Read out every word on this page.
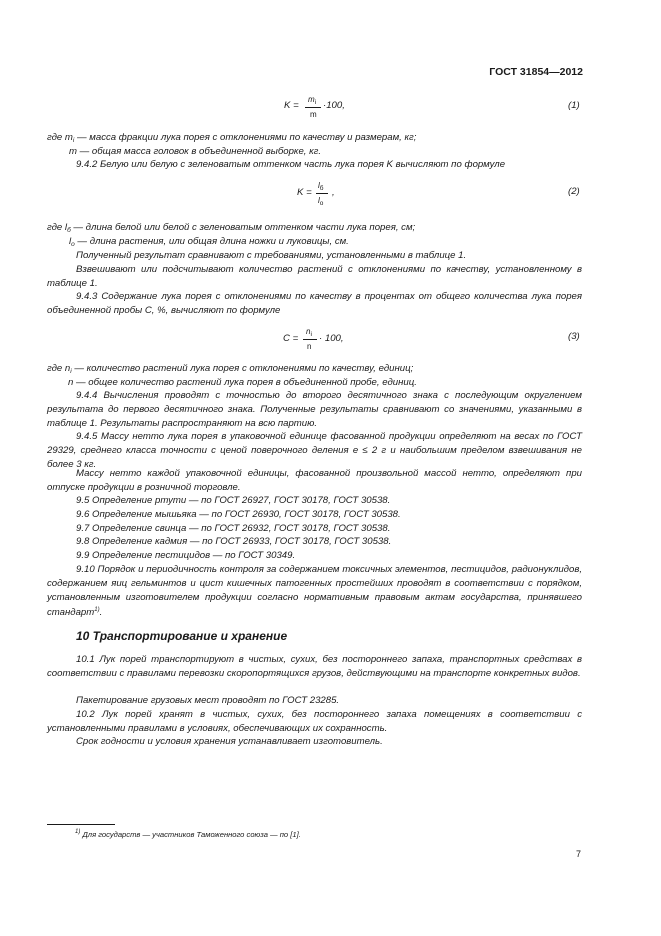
ГОСТ 31854—2012
K =
$m_i$
m
·100,	(1)
где $m_i$ — масса фракции лука порея с отклонениями по качеству и размерам, кг;
m — общая масса головок в объединенной выборке, кг.
9.4.2 Белую или белую с зеленоватым оттенком часть лука порея K вычисляют по формуле
K =
$l_б$
$l_о$
,	(2)
где $l_б$ — длина белой или белой с зеленоватым оттенком части лука порея, см;
$l_о$ — длина растения, или общая длина ножки и луковицы, см.
Полученный результат сравнивают с требованиями, установленными в таблице 1.
Взвешивают или подсчитывают количество растений с отклонениями по качеству, установленному в таблице 1.
9.4.3 Содержание лука порея с отклонениями по качеству в процентах от общего количества лука порея объединенной пробы С, %, вычисляют по формуле
C =
$n_i$
n
· 100,	(3)
где $n_i$ — количество растений лука порея с отклонениями по качеству, единиц;
n — общее количество растений лука порея в объединенной пробе, единиц.
9.4.4 Вычисления проводят с точностью до второго десятичного знака с последующим округлением результата до первого десятичного знака. Полученные результаты сравнивают со значениями, указанными в таблице 1. Результаты распространяют на всю партию.
9.4.5 Массу нетто лука порея в упаковочной единице фасованной продукции определяют на весах по ГОСТ 29329, среднего класса точности с ценой поверочного деления e ≤ 2 г и наибольшим пределом взвешивания не более 3 кг.
Массу нетто каждой упаковочной единицы, фасованной произвольной массой нетто, определяют при отпуске продукции в розничной торговле.
9.5 Определение ртути — по ГОСТ 26927, ГОСТ 30178, ГОСТ 30538.
9.6 Определение мышьяка — по ГОСТ 26930, ГОСТ 30178, ГОСТ 30538.
9.7 Определение свинца — по ГОСТ 26932, ГОСТ 30178, ГОСТ 30538.
9.8 Определение кадмия — по ГОСТ 26933, ГОСТ 30178, ГОСТ 30538.
9.9 Определение пестицидов — по ГОСТ 30349.
9.10 Порядок и периодичность контроля за содержанием токсичных элементов, пестицидов, радионуклидов, содержанием яиц гельминтов и цист кишечных патогенных простейших проводят в соответствии с порядком, установленным изготовителем продукции согласно нормативным правовым актам государства, принявшего стандарт$^{1)}$.
10 Транспортирование и хранение
10.1 Лук порей транспортируют в чистых, сухих, без постороннего запаха, транспортных средствах в соответствии с правилами перевозки скоропортящихся грузов, действующими на транспорте конкретных видов.
Пакетирование грузовых мест проводят по ГОСТ 23285.
10.2 Лук порей хранят в чистых, сухих, без постороннего запаха помещениях в соответствии с установленными правилами в условиях, обеспечивающих их сохранность.
Срок годности и условия хранения устанавливает изготовитель.
$^{1)}$ Для государств — участников Таможенного союза — по [1].
7
